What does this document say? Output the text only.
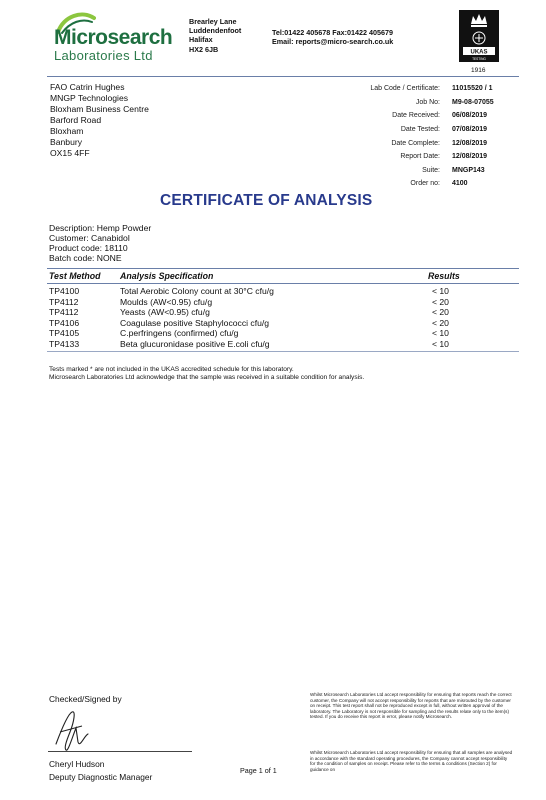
Microsearch
Laboratories Ltd
Brearley Lane
Luddendenfoot
Halifax
HX2 6JB
Tel:01422 405678 Fax:01422 405679
Email: reports@micro-search.co.uk
UKAS
TESTING
1916
FAO Catrin Hughes
MNGP Technologies
Bloxham Business Centre
Barford Road
Bloxham
Banbury
OX15 4FF
Lab Code / Certificate:	11015520 / 1
Job No:	M9-08-07055
Date Received:	06/08/2019
Date Tested:	07/08/2019
Date Complete:	12/08/2019
Report Date:	12/08/2019
Suite:	MNGP143
Order no:	4100
CERTIFICATE OF ANALYSIS
Description: Hemp Powder
Customer: Canabidol
Product code: 18110
Batch code: NONE
Test Method Analysis Specification	Results
TP4100	Total Aerobic Colony count at 30°C cfu/g	< 10
TP4112	Moulds (AW<0.95) cfu/g	< 20
TP4112	Yeasts (AW<0.95) cfu/g	< 20
TP4106	Coagulase positive Staphylococci cfu/g	< 20
TP4105	C.perfringens (confirmed) cfu/g	< 10
TP4133	Beta glucuronidase positive E.coli cfu/g	< 10
Tests marked * are not included in the UKAS accredited schedule for this laboratory.
Microsearch Laboratories Ltd acknowledge that the sample was received in a suitable condition for analysis.
Checked/Signed by
Cheryl Hudson
Deputy Diagnostic Manager
Page 1 of 1
Whilst Microsearch Laboratories Ltd accept responsibility for ensuring that reports reach the correct customer, the Company will not accept responsibility for reports that are misrouted by the customer on receipt. This test report shall not be reproduced except in full, without written approval of the laboratory. The Laboratory is not responsible for sampling and the results relate only to the item(s) tested. If you do receive this report in error, please notify Microsearch.
Whilst Microsearch Laboratories Ltd accept responsibility for ensuring that all samples are analysed in accordance with the standard operating procedures, the Company cannot accept responsibility for the condition of samples on receipt. Please refer to the terms & conditions (Section 2) for guidance on
